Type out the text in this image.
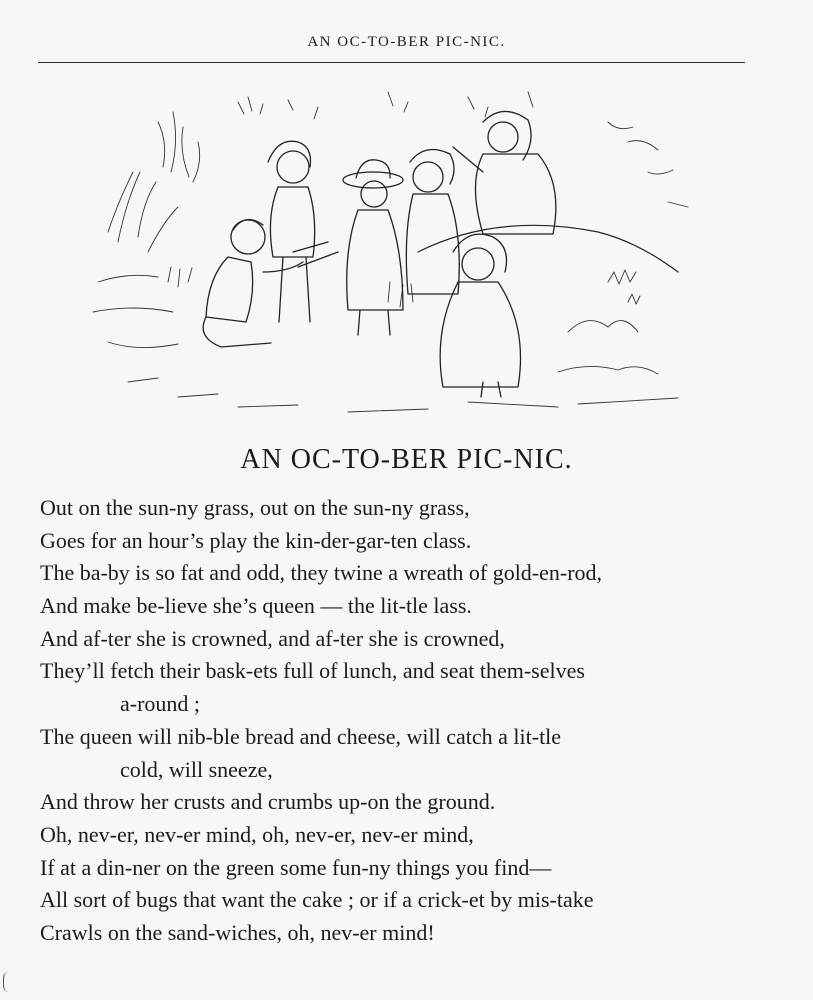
AN OC-TO-BER PIC-NIC.
AN OC-TO-BER PIC-NIC.
Out on the sun-ny grass, out on the sun-ny grass,
Goes for an hour’s play the kin-der-gar-ten class.
The ba-by is so fat and odd, they twine a wreath of gold-en-rod,
And make be-lieve she’s queen — the lit-tle lass.
And af-ter she is crowned, and af-ter she is crowned,
They’ll fetch their bask-ets full of lunch, and seat them-selves
a-round ;
The queen will nib-ble bread and cheese, will catch a lit-tle
cold, will sneeze,
And throw her crusts and crumbs up-on the ground.
Oh, nev-er, nev-er mind, oh, nev-er, nev-er mind,
If at a din-ner on the green some fun-ny things you find—
All sort of bugs that want the cake ; or if a crick-et by mis-take
Crawls on the sand-wiches, oh, nev-er mind!
